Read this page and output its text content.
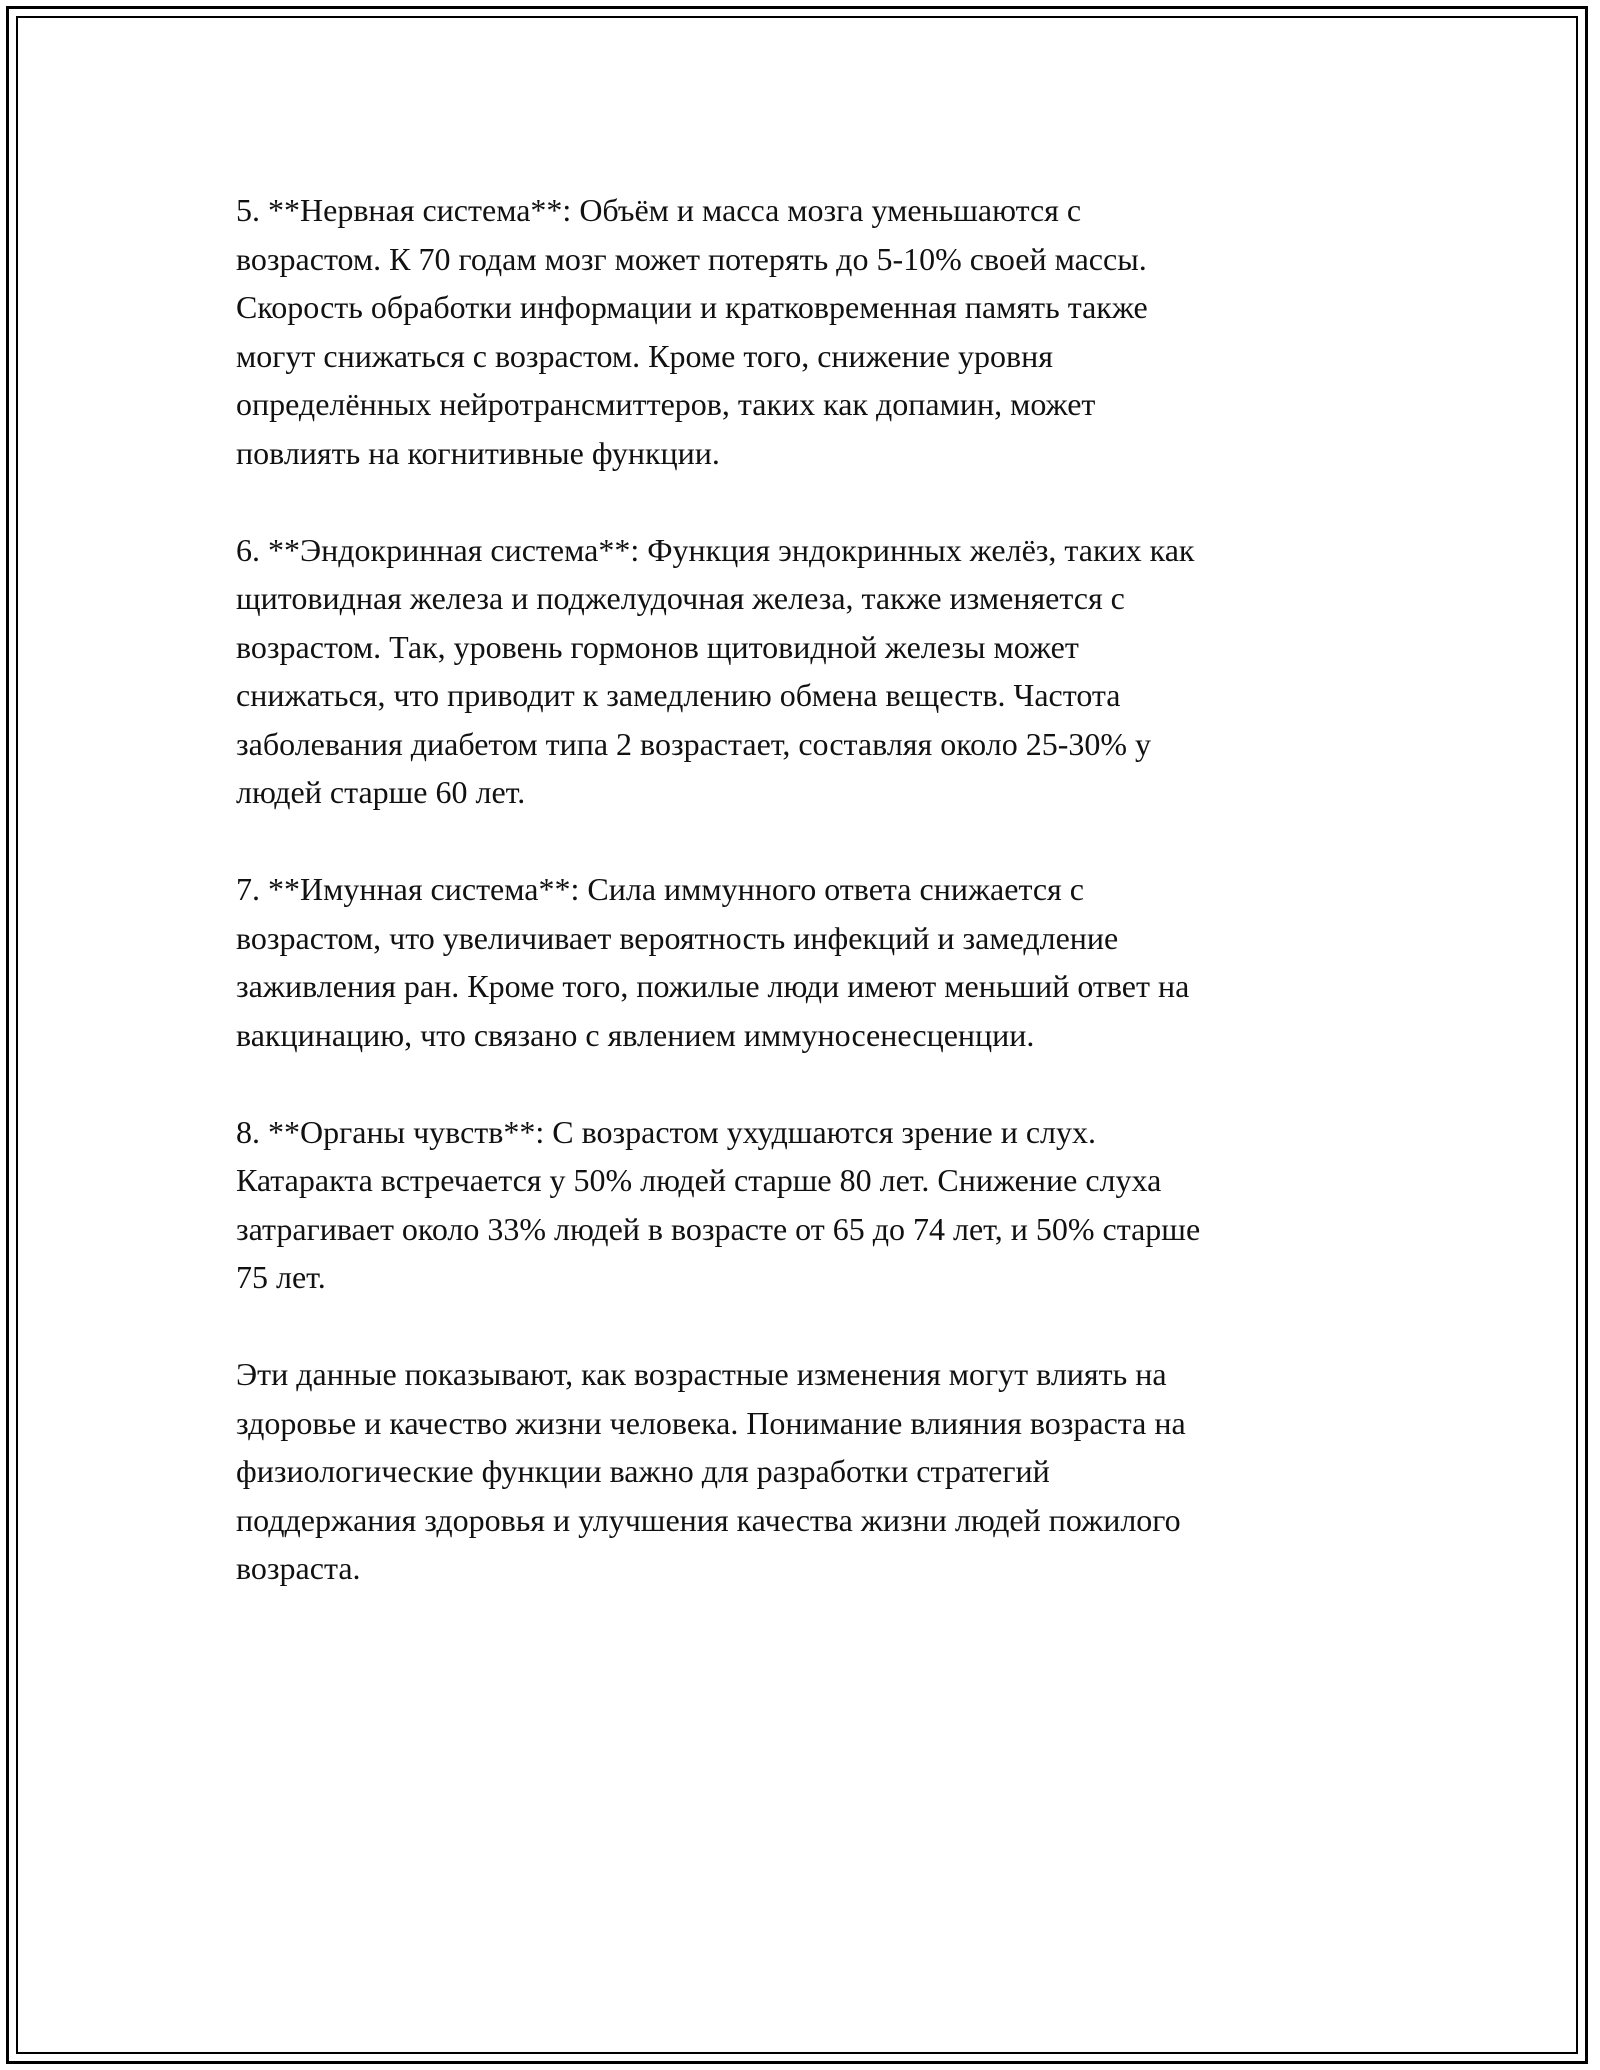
5. **Нервная система**: Объём и масса мозга уменьшаются с
возрастом. К 70 годам мозг может потерять до 5-10% своей массы.
Скорость обработки информации и кратковременная память также
могут снижаться с возрастом. Кроме того, снижение уровня
определённых нейротрансмиттеров, таких как допамин, может
повлиять на когнитивные функции.

6. **Эндокринная система**: Функция эндокринных желёз, таких как
щитовидная железа и поджелудочная железа, также изменяется с
возрастом. Так, уровень гормонов щитовидной железы может
снижаться, что приводит к замедлению обмена веществ. Частота
заболевания диабетом типа 2 возрастает, составляя около 25-30% у
людей старше 60 лет.

7. **Имунная система**: Сила иммунного ответа снижается с
возрастом, что увеличивает вероятность инфекций и замедление
заживления ран. Кроме того, пожилые люди имеют меньший ответ на
вакцинацию, что связано с явлением иммуносенесценции.

8. **Органы чувств**: С возрастом ухудшаются зрение и слух.
Катаракта встречается у 50% людей старше 80 лет. Снижение слуха
затрагивает около 33% людей в возрасте от 65 до 74 лет, и 50% старше
75 лет.

Эти данные показывают, как возрастные изменения могут влиять на
здоровье и качество жизни человека. Понимание влияния возраста на
физиологические функции важно для разработки стратегий
поддержания здоровья и улучшения качества жизни людей пожилого
возраста.
